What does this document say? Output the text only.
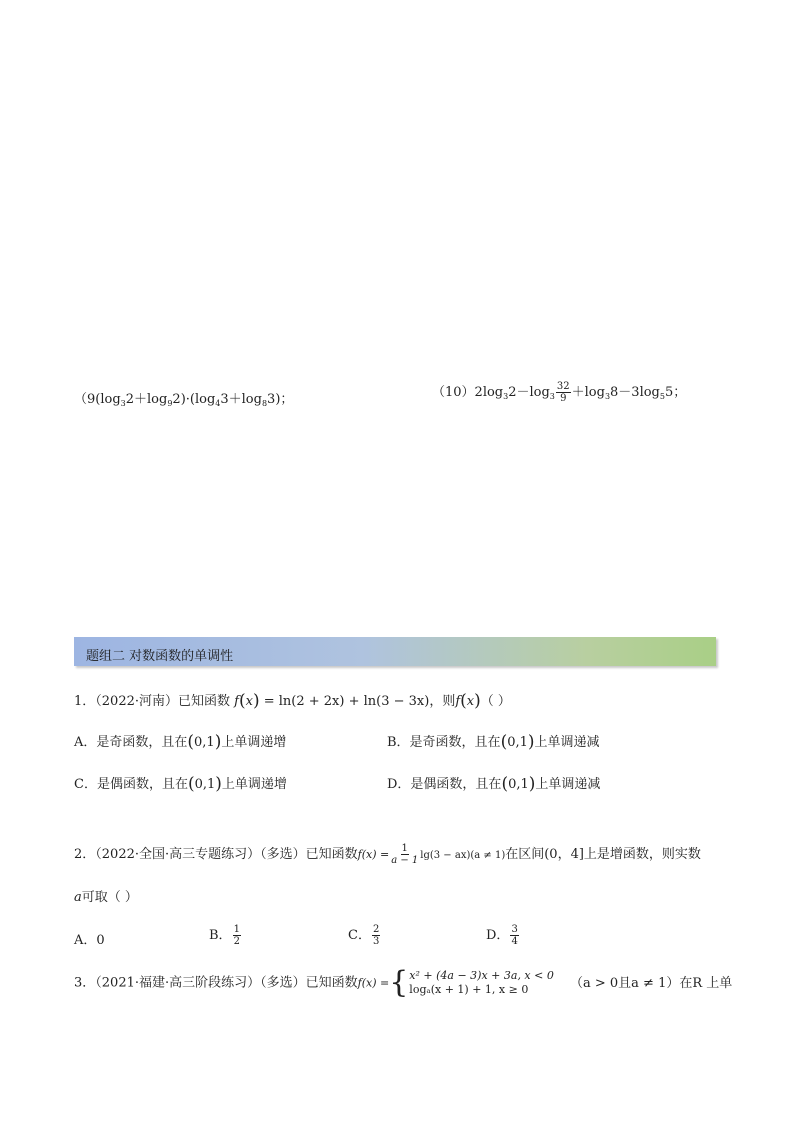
（$9(\log_32+\log_92)\cdot(\log_43+\log_83)$；	$(10)2\log_32-\log_3 \frac{32}{9} +\log_38-3\log_55$；
题组二 对数函数的单调性
1．（2022·河南）已知函数 f(x) = ln(2 + 2x) + ln(3 − 3x)，则f(x)（ ）
A．是奇函数，且在(0,1)上单调递增	B．是奇函数，且在(0,1)上单调递减
C．是偶函数，且在(0,1)上单调递增	D．是偶函数，且在(0,1)上单调递减
2．（2022·全国·高三专题练习）（多选）已知函数$f(x) = \frac{1}{a - 1} \lg(3 - ax)(a \ne 1)$在区间(0，4]上是增函数，则实数
a可取（ ）
A．0	B． $\frac{1}{2}$	C． $\frac{2}{3}$	D． $\frac{3}{4}$
3．（2021·福建·高三阶段练习）（多选）已知函数f(x) ={ x² + (4a − 3)x + 3a, x < 0
logₐ(x + 1) + 1, x ≥ 0	（a > 0且a ≠ 1）在R 上单
